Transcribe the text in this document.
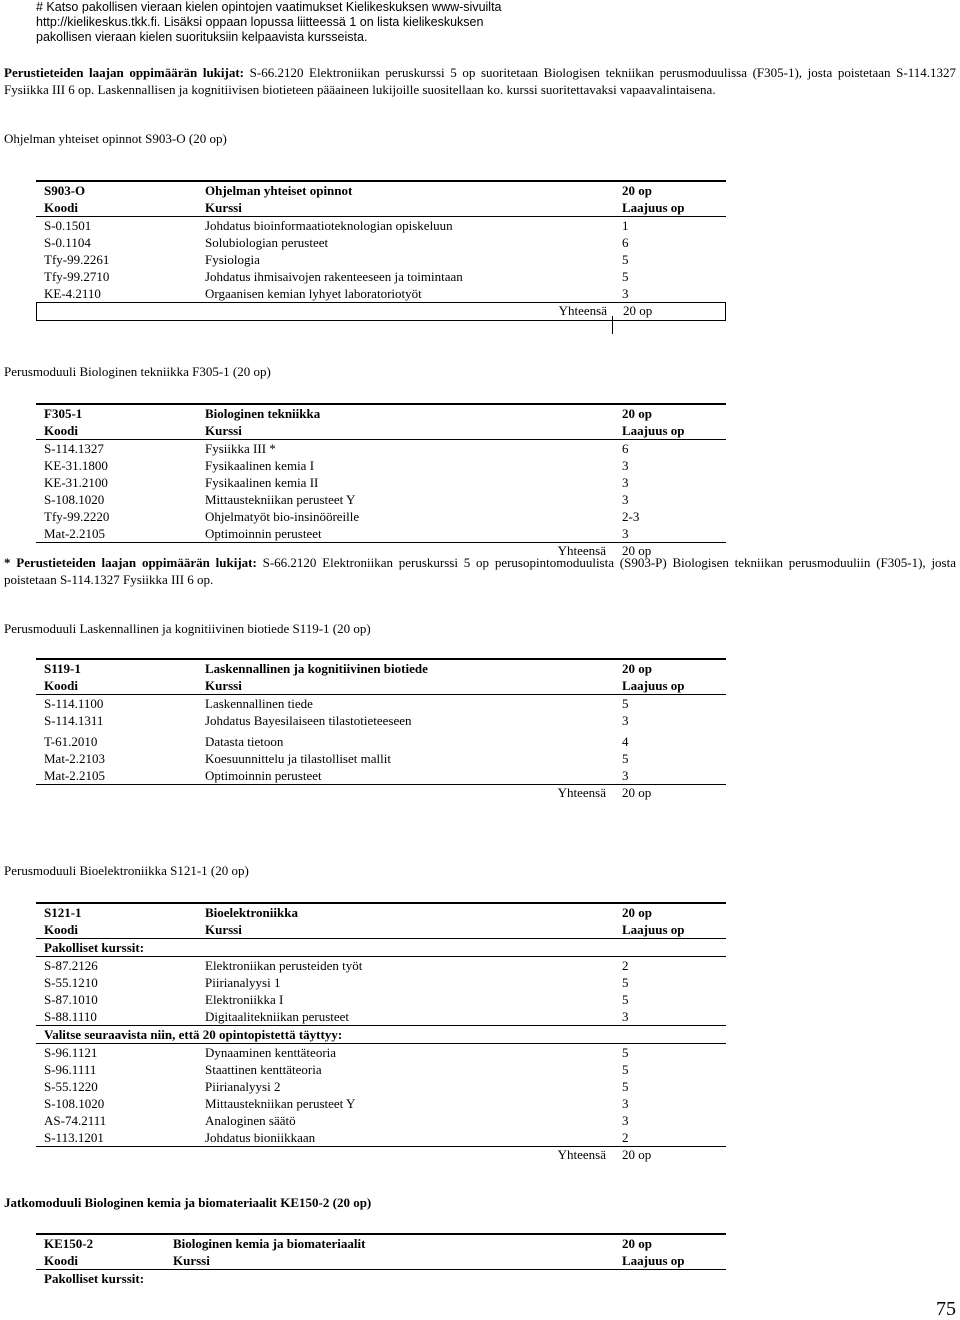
# Katso pakollisen vieraan kielen opintojen vaatimukset Kielikeskuksen www-sivuilta
http://kielikeskus.tkk.fi. Lisäksi oppaan lopussa liitteessä 1 on lista kielikeskuksen
pakollisen vieraan kielen suorituksiin kelpaavista kursseista.
Perustieteiden laajan oppimäärän lukijat: S-66.2120 Elektroniikan peruskurssi 5 op suoritetaan Biologisen tekniikan perusmoduulissa (F305-1), josta poistetaan S-114.1327 Fysiikka III 6 op. Laskennallisen ja kognitiivisen biotieteen pääaineen lukijoille suositellaan ko. kurssi suoritettavaksi vapaavalintaisena.
Ohjelman yhteiset opinnot S903-O (20 op)
S903-O	Ohjelman yhteiset opinnot	20 op
Koodi	Kurssi	Laajuus op
S-0.1501	Johdatus bioinformaatioteknologian opiskeluun	1
S-0.1104	Solubiologian perusteet	6
Tfy-99.2261	Fysiologia	5
Tfy-99.2710	Johdatus ihmisaivojen rakenteeseen ja toimintaan	5
KE-4.2110	Orgaanisen kemian lyhyet laboratoriotyöt	3
Yhteensä 20 op
Perusmoduuli Biologinen tekniikka F305-1 (20 op)
F305-1	Biologinen tekniikka	20 op
Koodi	Kurssi	Laajuus op
S-114.1327	Fysiikka III *	6
KE-31.1800	Fysikaalinen kemia I	3
KE-31.2100	Fysikaalinen kemia II	3
S-108.1020	Mittaustekniikan perusteet Y	3
Tfy-99.2220	Ohjelmatyöt bio-insinööreille	2-3
Mat-2.2105	Optimoinnin perusteet	3
Yhteensä 20 op
* Perustieteiden laajan oppimäärän lukijat: S-66.2120 Elektroniikan peruskurssi 5 op perusopintomoduulista (S903-P) Biologisen tekniikan perusmoduuliin (F305-1), josta poistetaan S-114.1327 Fysiikka III 6 op.
Perusmoduuli Laskennallinen ja kognitiivinen biotiede S119-1 (20 op)
S119-1	Laskennallinen ja kognitiivinen biotiede	20 op
Koodi	Kurssi	Laajuus op
S-114.1100	Laskennallinen tiede	5
S-114.1311	Johdatus Bayesilaiseen tilastotieteeseen	3
T-61.2010	Datasta tietoon	4
Mat-2.2103	Koesuunnittelu ja tilastolliset mallit	5
Mat-2.2105	Optimoinnin perusteet	3
Yhteensä 20 op
Perusmoduuli Bioelektroniikka S121-1 (20 op)
S121-1	Bioelektroniikka	20 op
Koodi	Kurssi	Laajuus op
Pakolliset kurssit:
S-87.2126	Elektroniikan perusteiden työt	2
S-55.1210	Piirianalyysi 1	5
S-87.1010	Elektroniikka I	5
S-88.1110	Digitaalitekniikan perusteet	3
Valitse seuraavista niin, että 20 opintopistettä täyttyy:
S-96.1121	Dynaaminen kenttäteoria	5
S-96.1111	Staattinen kenttäteoria	5
S-55.1220	Piirianalyysi 2	5
S-108.1020	Mittaustekniikan perusteet Y	3
AS-74.2111	Analoginen säätö	3
S-113.1201	Johdatus bioniikkaan	2
Yhteensä 20 op
Jatkomoduuli Biologinen kemia ja biomateriaalit KE150-2 (20 op)
KE150-2	Biologinen kemia ja biomateriaalit	20 op
Koodi	Kurssi	Laajuus op
Pakolliset kurssit:
75
